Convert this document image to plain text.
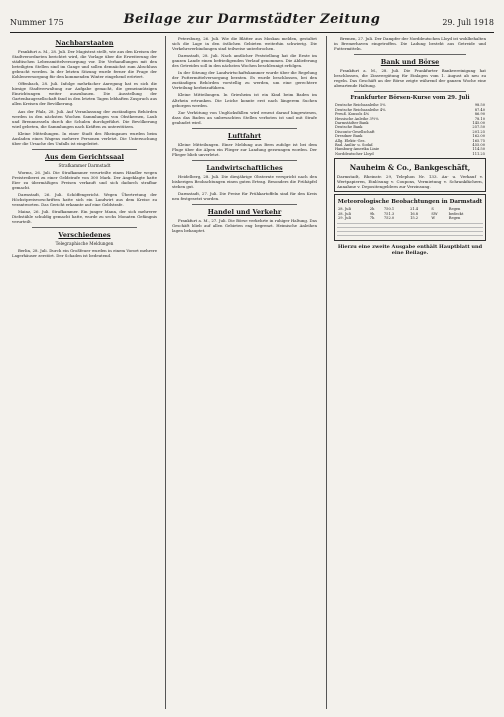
Nummer 175	Beilage zur Darmstädter Zeitung	29. Juli 1918
Nachbarstaaten

Frankfurt a. M., 28. Juli. Der Magistrat stellt, wie aus den Kreisen der Stadtverordneten berichtet wird, die Vorlage über die Erweiterung der städtischen Lebensmittelversorgung vor. Die Verhandlungen mit den beteiligten Stellen sind im Gange und sollen demnächst zum Abschluss gebracht werden. In der letzten Sitzung wurde ferner die Frage der Kohlenversorgung für den kommenden Winter eingehend erörtert.

Offenbach, 28. Juli. Infolge mehrfacher Anregung hat es sich die hiesige Stadtverwaltung zur Aufgabe gemacht, die gemeinnützigen Einrichtungen weiter auszubauen. Die Ausstellung der Gartenbaugesellschaft fand in den letzten Tagen lebhaften Zuspruch aus allen Kreisen der Bevölkerung.

Aus der Pfalz, 28. Juli. Auf Veranlassung der zuständigen Behörden werden in den nächsten Wochen Sammlungen von Obstkernen, Laub und Brennnesseln durch die Schulen durchgeführt. Die Bevölkerung wird gebeten, die Sammlungen nach Kräften zu unterstützen.

Kleine Mitteilungen. In einer Stadt des Rheingaues wurden beim Ausladen eines Wagens mehrere Personen verletzt. Die Untersuchung über die Ursache des Unfalls ist eingeleitet.

Aus dem Gerichtssaal
Strafkammer Darmstadt

Worms, 26. Juli. Die Strafkammer verurteilte einen Händler wegen Preistreiberei zu einer Geldstrafe von 300 Mark. Der Angeklagte hatte Eier zu übermäßigen Preisen verkauft und sich dadurch strafbar gemacht.

Darmstadt, 26. Juli. Schöffengericht. Wegen Übertretung der Höchstpreisvorschriften hatte sich ein Landwirt aus dem Kreise zu verantworten. Das Gericht erkannte auf eine Geldstrafe.

Mainz, 26. Juli. Strafkammer. Ein junger Mann, der sich mehrerer Diebstähle schuldig gemacht hatte, wurde zu sechs Monaten Gefängnis verurteilt.

Verschiedenes
Telegraphische Meldungen

Berlin, 28. Juli. Durch ein Großfeuer wurden in einem Vorort mehrere Lagerhäuser zerstört. Der Schaden ist bedeutend.

Petersburg, 26. Juli. Wie die Blätter aus Moskau melden, gestaltet sich die Lage in den östlichen Gebieten weiterhin schwierig. Die Verkehrsverbindungen sind teilweise unterbrochen.

Darmstadt, 28. Juli. Nach amtlicher Feststellung hat die Ernte im ganzen Lande einen befriedigenden Verlauf genommen. Die Ablieferung des Getreides soll in den nächsten Wochen beschleunigt erfolgen.

In der Sitzung der Landwirtschaftskammer wurde über die Regelung der Futtermittelversorgung beraten. Es wurde beschlossen, bei den zuständigen Behörden vorstellig zu werden, um eine gerechtere Verteilung herbeizuführen.

Kleine Mitteilungen. In Griesheim ist ein Kind beim Baden im Altrhein ertrunken. Die Leiche konnte erst nach längerem Suchen geborgen werden.

Zur Verhütung von Unglücksfällen wird erneut darauf hingewiesen, dass das Baden an unbewachten Stellen verboten ist und mit Strafe geahndet wird.

Luftfahrt

Kleine Mitteilungen. Einer Meldung aus Bern zufolge ist bei dem Fluge über die Alpen ein Flieger zur Landung gezwungen worden. Der Flieger blieb unverletzt.

Landwirtschaftliches

Heidelberg, 28. Juli. Die diesjährige Obsternte verspricht nach den bisherigen Beobachtungen einen guten Ertrag. Besonders die Frühäpfel stehen gut.

Darmstadt, 27. Juli. Die Preise für Frühkartoffeln sind für den Kreis neu festgesetzt worden.

Handel und Verkehr

Frankfurt a. M., 27. Juli. Die Börse verkehrte in ruhiger Haltung. Das Geschäft blieb auf allen Gebieten eng begrenzt. Heimische Anleihen lagen behauptet.

Bremen, 27. Juli. Der Dampfer der Norddeutschen Lloyd ist wohlbehalten in Bremerhaven eingetroffen. Die Ladung besteht aus Getreide und Futtermitteln.

Bank und Börse

Frankfurt a. M., 28. Juli. Die Frankfurter Bankvereinigung hat beschlossen, die Zinsvergütung für Einlagen vom 1. August ab neu zu regeln. Das Geschäft an der Börse zeigte während der ganzen Woche eine abwartende Haltung.

Frankfurter Börsen-Kurse vom 29. Juli
Deutsche Reichsanleihe 5%	98.50
Deutsche Reichsanleihe 4%	87.40
Preuß. Konsols 4%	86.90
Hessische Anleihe 3½%	78.10
Darmstädter Bank	145.00
Deutsche Bank	257.50
Disconto-Gesellschaft	201.25
Dresdner Bank	162.00
Allg. Elektr.-Ges.	165.75
Bad. Anilin- u. Sodaf.	455.00
Hamburg-Amerika Linie	114.50
Norddeutscher Lloyd	111.25
Nauheim & Co., Bankgeschäft,
Darmstadt, Rheinstr. 29, Telephon Nr. 133. An- u. Verkauf v. Wertpapieren, Einlösung v. Coupons, Vermietung v. Schrankfächern, Annahme v. Depositengeldern zur Verzinsung.
Meteorologische Beobachtungen in Darmstadt
28. Juli	2h	750.1	21.4	S	Regen
28. Juli	9h	751.3	16.8	SW	bedeckt
29. Juli	7h	752.0	15.2	W	Regen
Hierzu eine zweite Ausgabe enthält Hauptblatt und eine Beilage.
